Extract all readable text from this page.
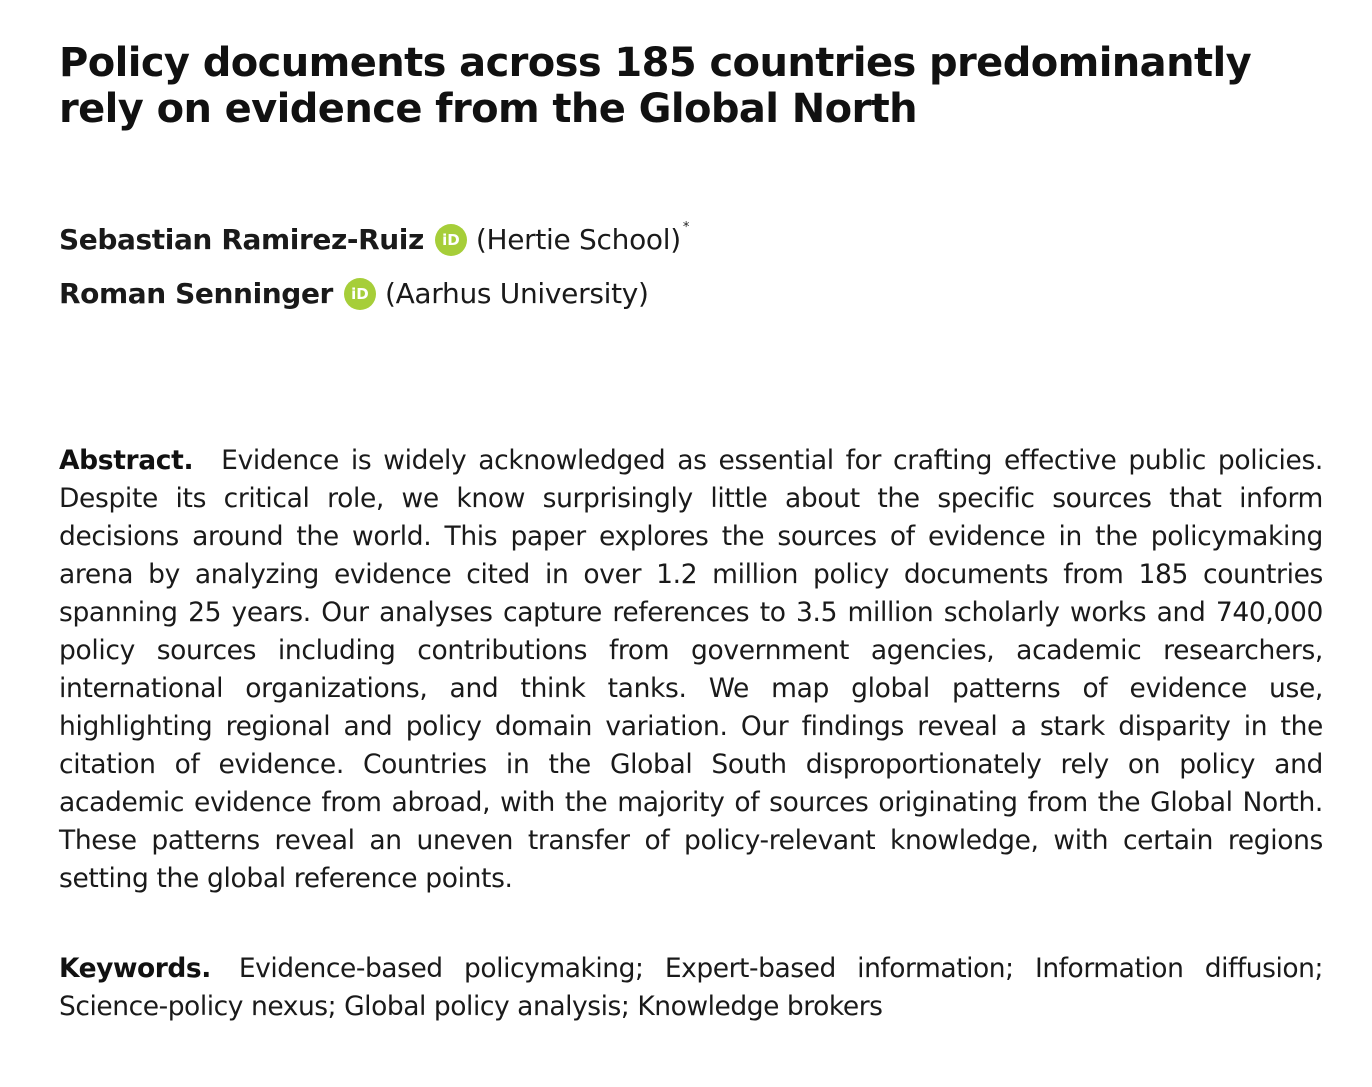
Policy documents across 185 countries predominantly rely on evidence from the Global North
Sebastian Ramirez-Ruiz	iD (Hertie School) *
Roman Senninger	iD (Aarhus University)

Abstract. Evidence is widely acknowledged as essential for crafting effective public policies. Despite its critical role, we know surprisingly little about the specific sources that inform decisions around the world. This paper explores the sources of evidence in the policymaking arena by analyzing evidence cited in over 1.2 million policy documents from 185 countries spanning 25 years. Our analyses capture references to 3.5 million scholarly works and 740,000 policy sources including contributions from government agencies, academic researchers, international organizations, and think tanks. We map global patterns of evidence use, highlighting regional and policy domain variation. Our findings reveal a stark disparity in the citation of evidence. Countries in the Global South disproportionately rely on policy and academic evidence from abroad, with the majority of sources originating from the Global North. These patterns reveal an uneven transfer of policy-relevant knowledge, with certain regions setting the global reference points.

Keywords. Evidence-based policymaking; Expert-based information; Information diffusion; Science-policy nexus; Global policy analysis; Knowledge brokers
